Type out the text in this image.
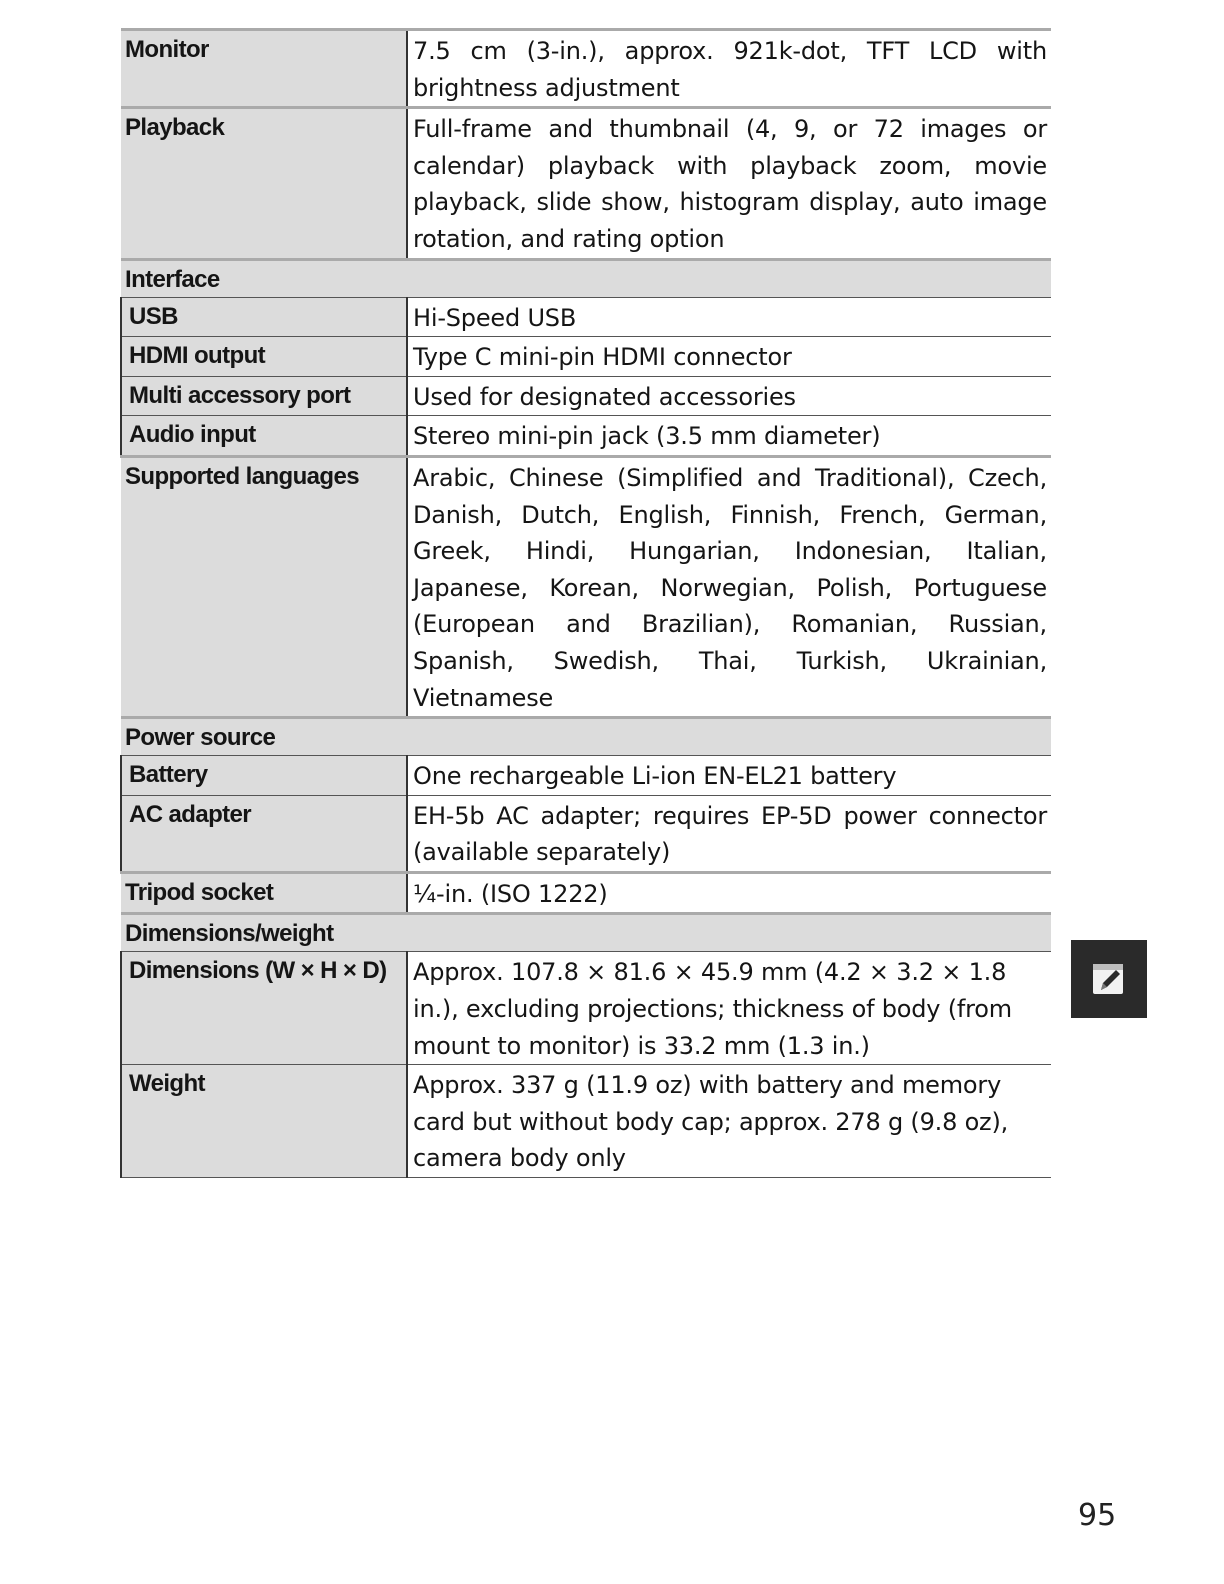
Monitor	7.5 cm (3-in.), approx. 921k-dot, TFT LCD with brightness adjustment
Playback	Full-frame and thumbnail (4, 9, or 72 images or calendar) playback with playback zoom, movie playback, slide show, histogram display, auto image rotation, and rating option
Interface	
USB	Hi-Speed USB
HDMI output	Type C mini-pin HDMI connector
Multi accessory port	Used for designated accessories
Audio input	Stereo mini-pin jack (3.5 mm diameter)
Supported languages	Arabic, Chinese (Simplified and Traditional), Czech, Danish, Dutch, English, Finnish, French, German, Greek, Hindi, Hungarian, Indonesian, Italian, Japanese, Korean, Norwegian, Polish, Portuguese (European and Brazilian), Romanian, Russian, Spanish, Swedish, Thai, Turkish, Ukrainian, Vietnamese
Power source	
Battery	One rechargeable Li-ion EN-EL21 battery
AC adapter	EH-5b AC adapter; requires EP-5D power connector (available separately)
Tripod socket	¼-in. (ISO 1222)
Dimensions/weight	
Dimensions (W × H × D)	Approx. 107.8 × 81.6 × 45.9 mm (4.2 × 3.2 × 1.8 in.), excluding projections; thickness of body (from mount to monitor) is 33.2 mm (1.3 in.)
Weight	Approx. 337 g (11.9 oz) with battery and memory card but without body cap; approx. 278 g (9.8 oz), camera body only
95
